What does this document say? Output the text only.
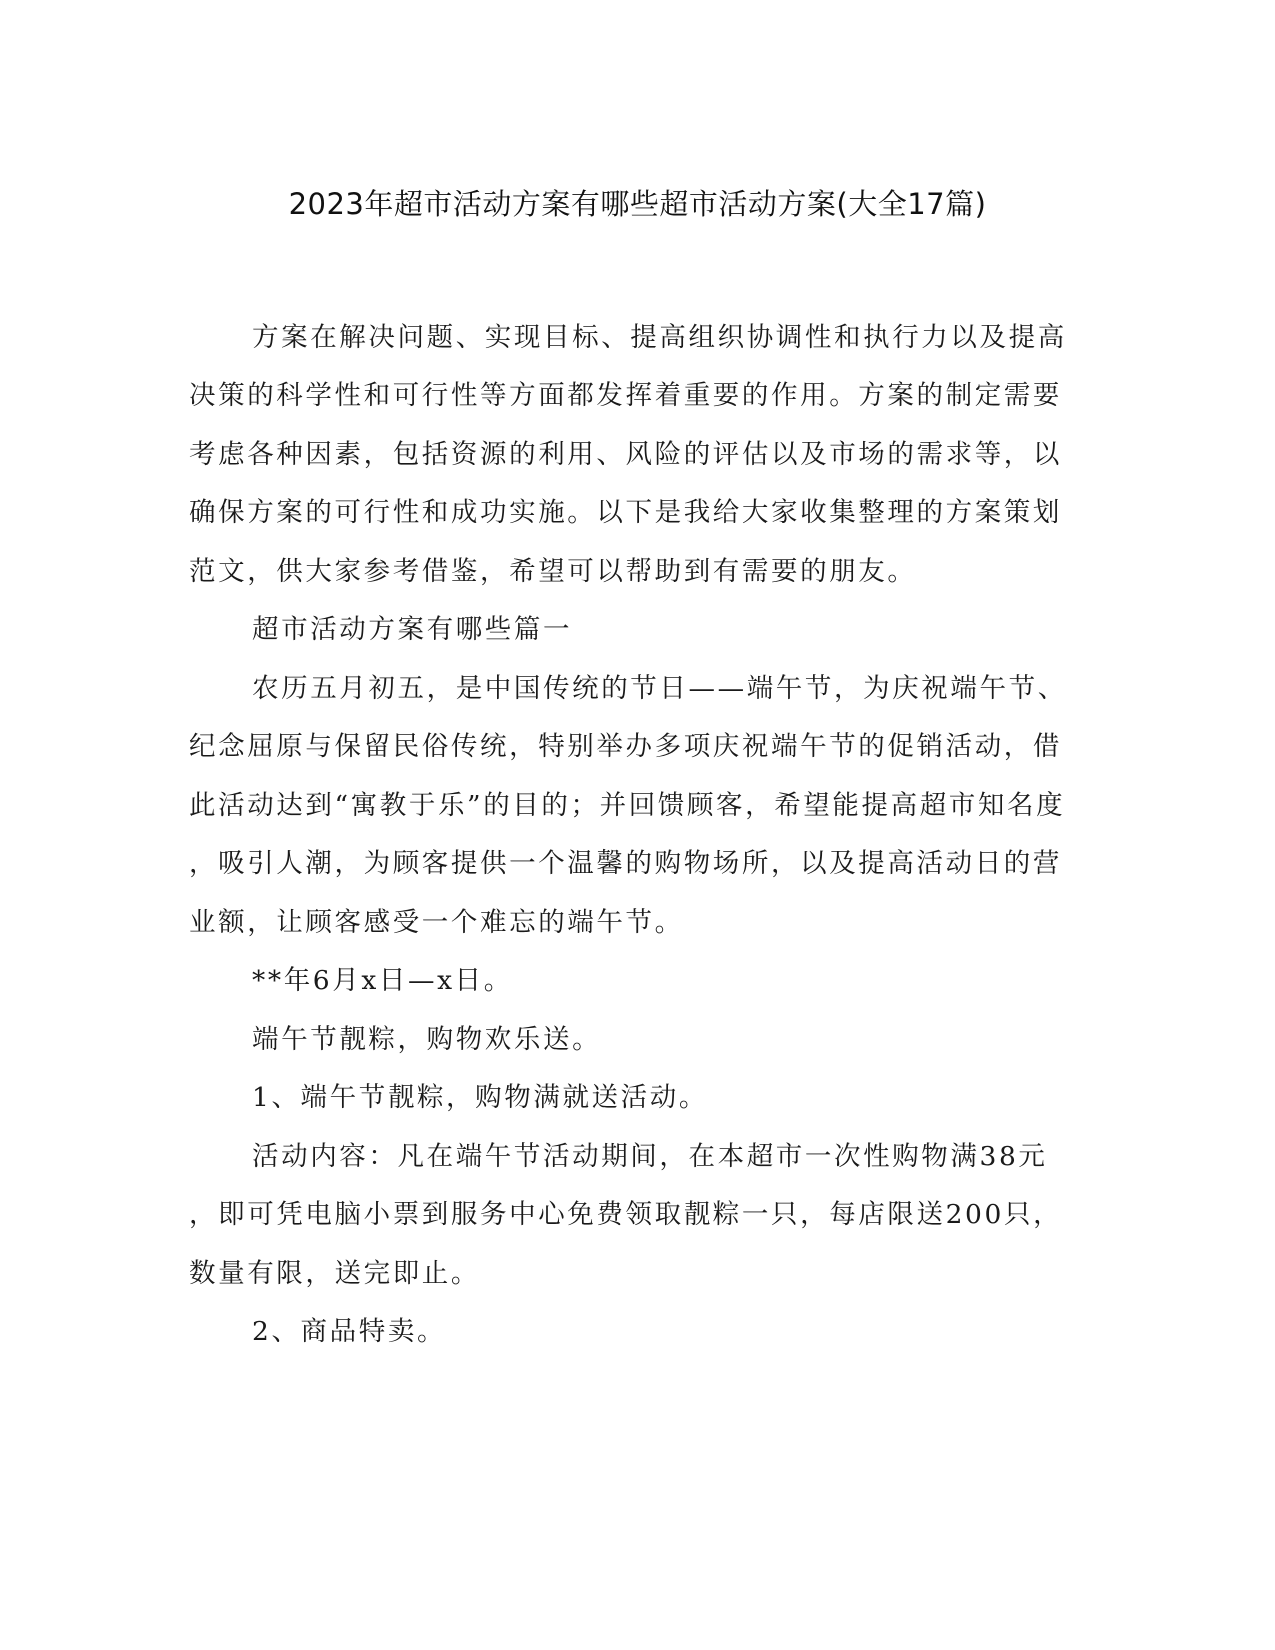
2023年超市活动方案有哪些超市活动方案(大全17篇)
方案在解决问题、实现目标、提高组织协调性和执行力以及提高
决策的科学性和可行性等方面都发挥着重要的作用。方案的制定需要
考虑各种因素，包括资源的利用、风险的评估以及市场的需求等，以
确保方案的可行性和成功实施。以下是我给大家收集整理的方案策划
范文，供大家参考借鉴，希望可以帮助到有需要的朋友。
超市活动方案有哪些篇一
农历五月初五，是中国传统的节日——端午节，为庆祝端午节、
纪念屈原与保留民俗传统，特别举办多项庆祝端午节的促销活动，借
此活动达到“寓教于乐”的目的；并回馈顾客，希望能提高超市知名度
，吸引人潮，为顾客提供一个温馨的购物场所，以及提高活动日的营
业额，让顾客感受一个难忘的端午节。
**年6月x日—x日。
端午节靓粽，购物欢乐送。
1、端午节靓粽，购物满就送活动。
活动内容：凡在端午节活动期间，在本超市一次性购物满38元
，即可凭电脑小票到服务中心免费领取靓粽一只，每店限送200只，
数量有限，送完即止。
2、商品特卖。
